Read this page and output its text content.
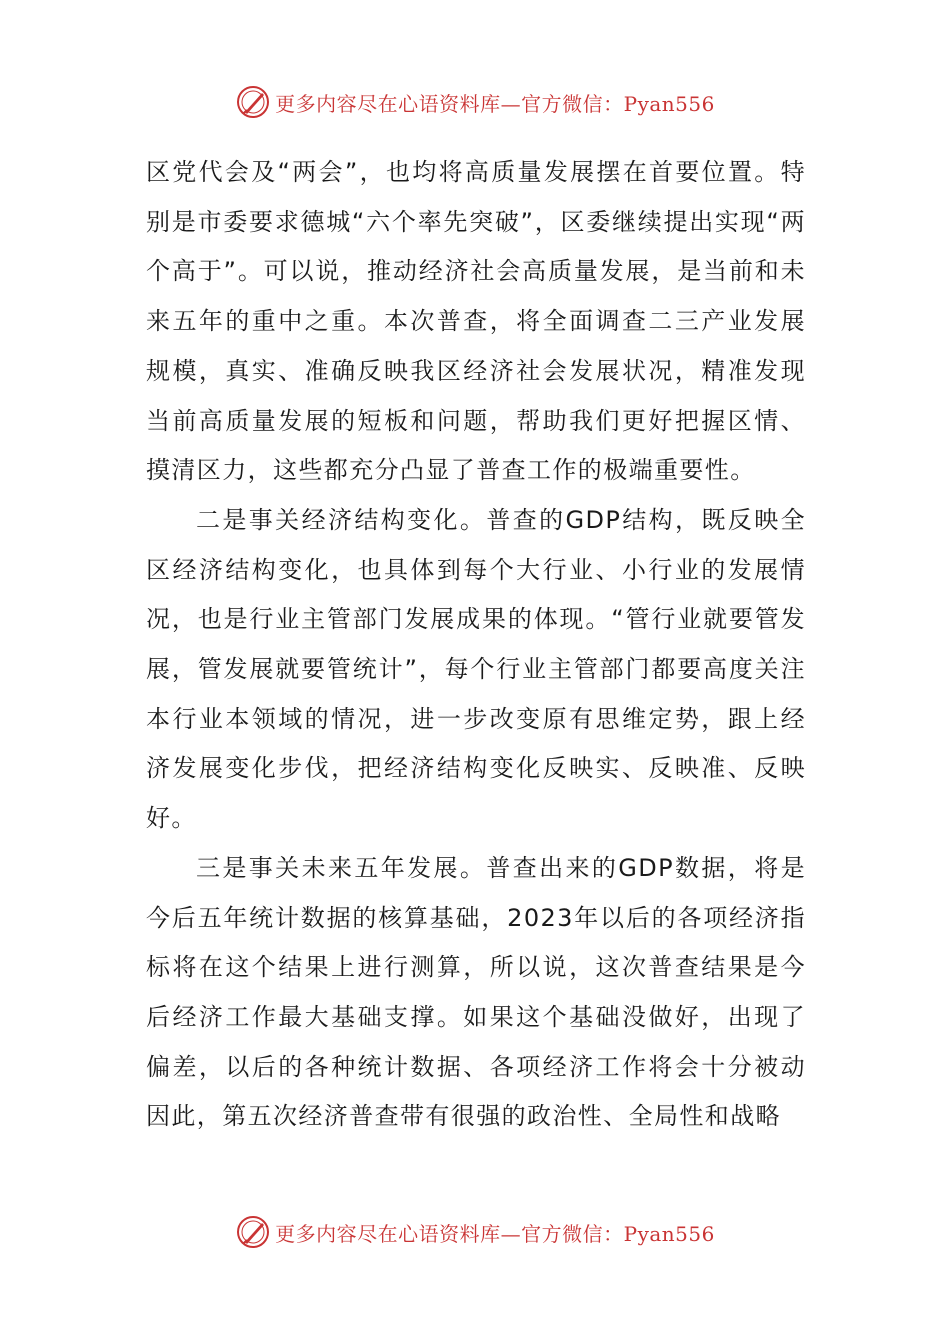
更多内容尽在心语资料库—官方微信：Pyan556

区党代会及“两会”，也均将高质量发展摆在首要位置。特别是市委要求德城“六个率先突破”，区委继续提出实现“两个高于”。可以说，推动经济社会高质量发展，是当前和未来五年的重中之重。本次普查，将全面调查二三产业发展规模，真实、准确反映我区经济社会发展状况，精准发现当前高质量发展的短板和问题，帮助我们更好把握区情、摸清区力，这些都充分凸显了普查工作的极端重要性。

二是事关经济结构变化。普查的GDP结构，既反映全区经济结构变化，也具体到每个大行业、小行业的发展情况，也是行业主管部门发展成果的体现。“管行业就要管发展，管发展就要管统计”，每个行业主管部门都要高度关注本行业本领域的情况，进一步改变原有思维定势，跟上经济发展变化步伐，把经济结构变化反映实、反映准、反映好。

三是事关未来五年发展。普查出来的GDP数据，将是今后五年统计数据的核算基础，2023年以后的各项经济指标将在这个结果上进行测算，所以说，这次普查结果是今后经济工作最大基础支撑。如果这个基础没做好，出现了偏差，以后的各种统计数据、各项经济工作将会十分被动因此，第五次经济普查带有很强的政治性、全局性和战略

更多内容尽在心语资料库—官方微信：Pyan556
